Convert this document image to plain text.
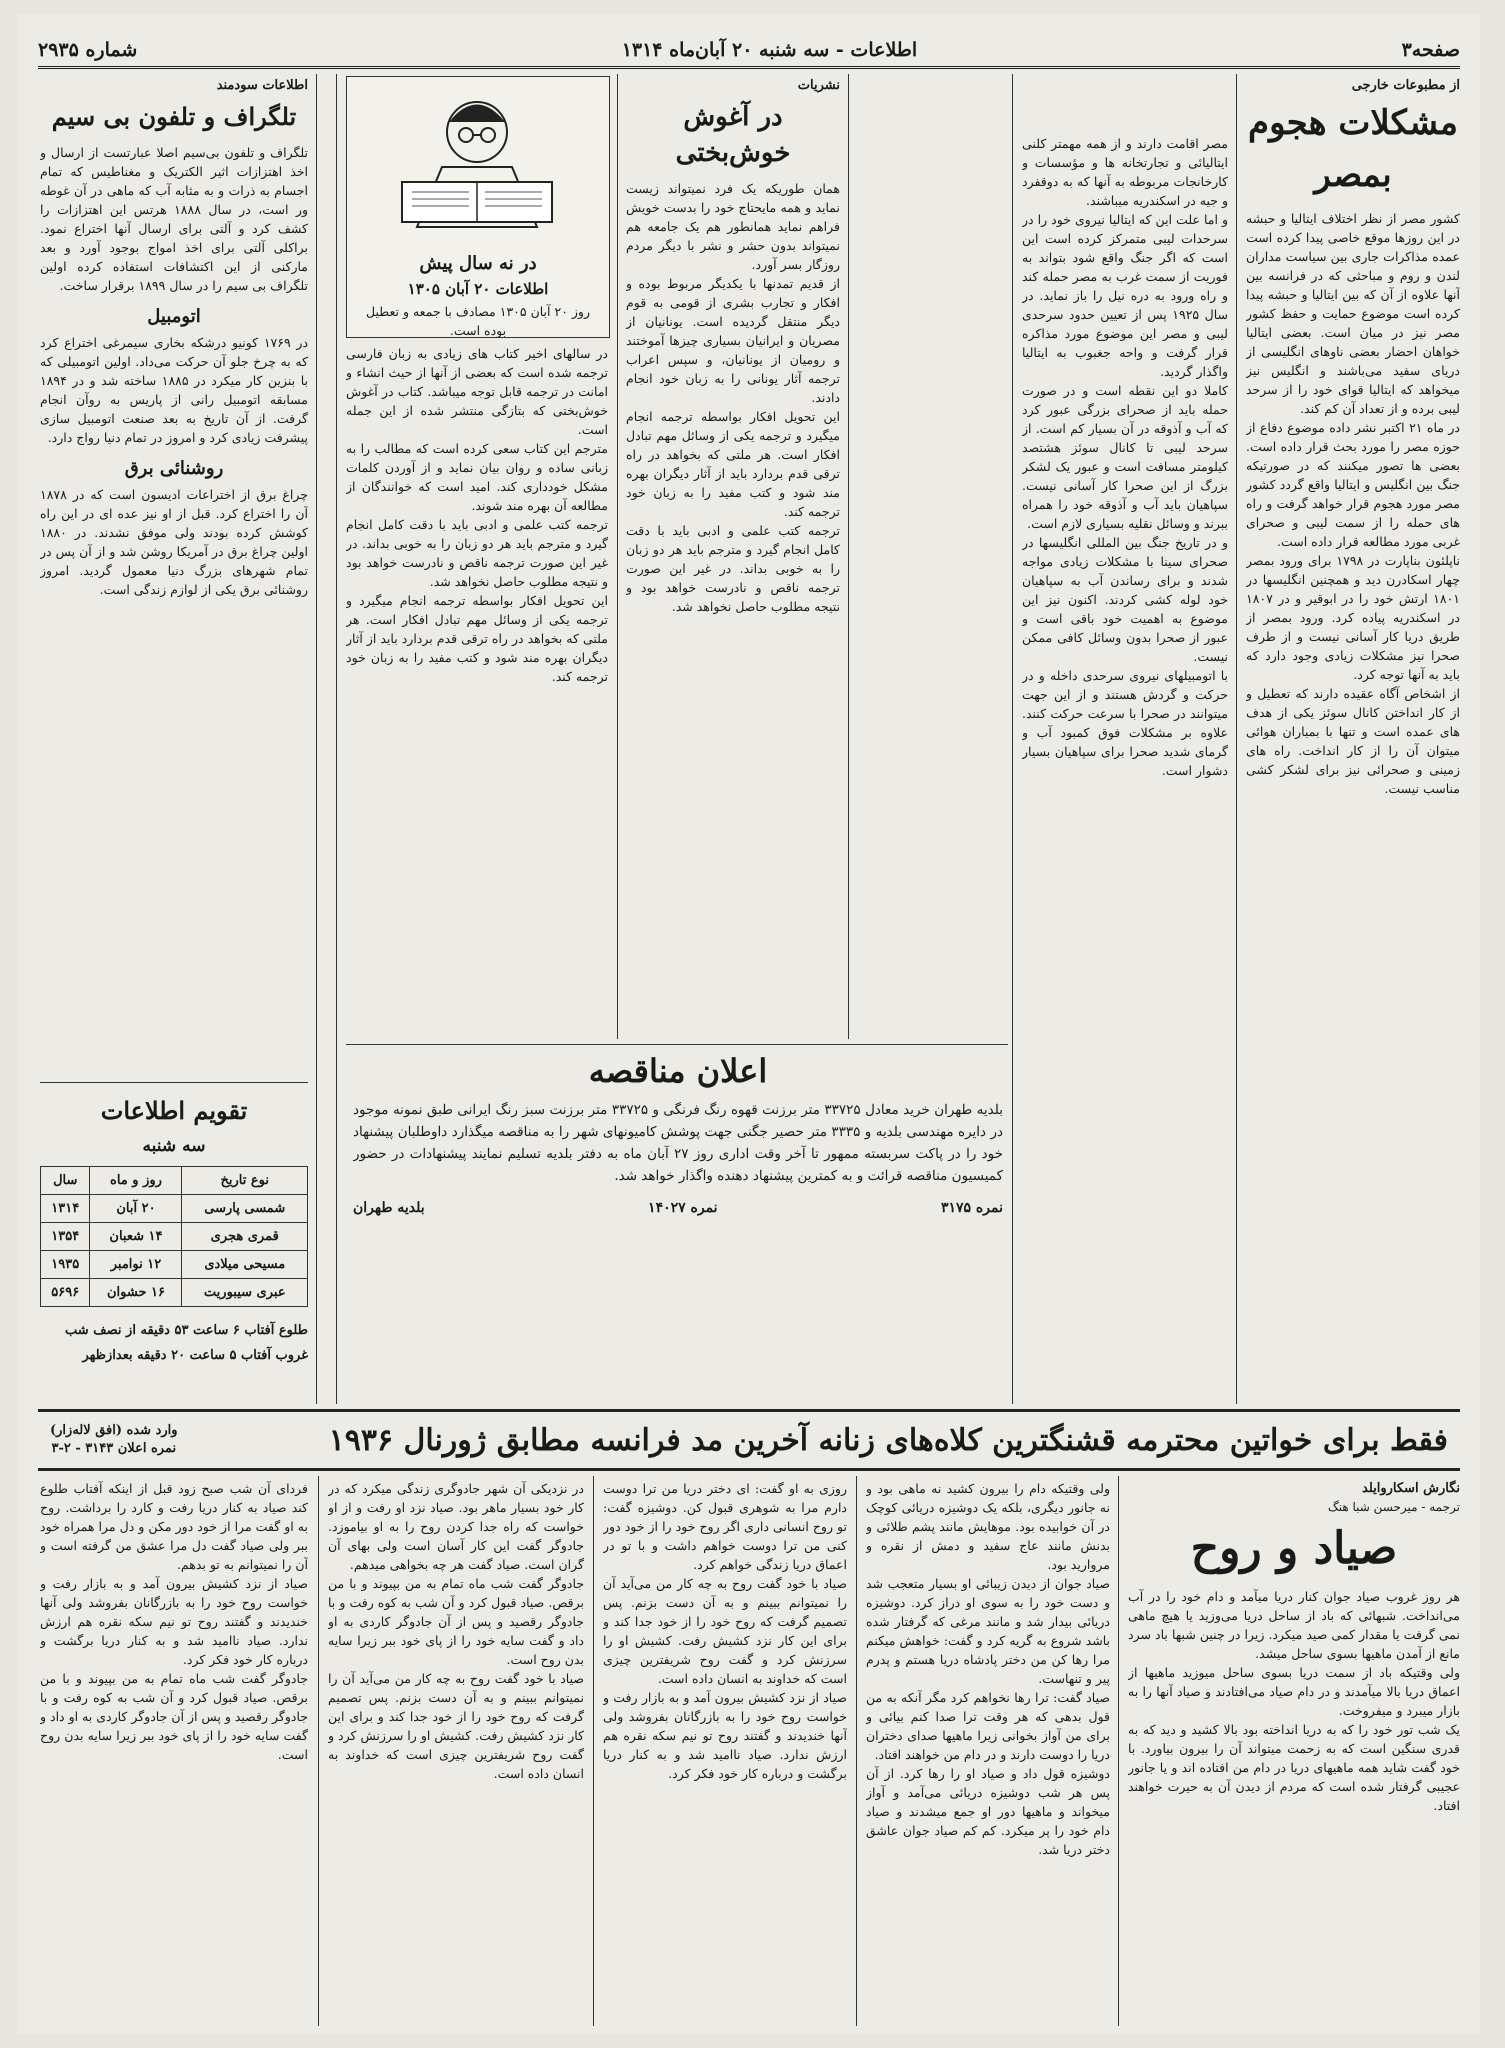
صفحه۳
اطلاعات - سه شنبه ۲۰ آبان‌ماه ۱۳۱۴
شماره ۲۹۳۵
از مطبوعات خارجی
مشکلات هجوم بمصر
کشور مصر از نظر اختلاف ایتالیا و حبشه در این روزها موقع خاصی پیدا کرده است عمده مذاکرات جاری بین سیاست مداران لندن و روم و مباحثی که در فرانسه بین آنها علاوه از آن که بین ایتالیا و حبشه پیدا کرده است موضوع حمایت و حفظ کشور مصر نیز در میان است. بعضی ایتالیا خواهان احضار بعضی ناوهای انگلیسی از دریای سفید می‌باشند و انگلیس نیز میخواهد که ایتالیا قوای خود را از سرحد لیبی برده و از تعداد آن کم کند.
در ماه ۲۱ اکتبر نشر داده موضوع دفاع از حوزه مصر را مورد بحث قرار داده است. بعضی ها تصور میکنند که در صورتیکه جنگ بین انگلیس و ایتالیا واقع گردد کشور مصر مورد هجوم قرار خواهد گرفت و راه های حمله را از سمت لیبی و صحرای غربی مورد مطالعه قرار داده است.
ناپلئون بناپارت در ۱۷۹۸ برای ورود بمصر چهار اسکادرن دید و همچنین انگلیسها در ۱۸۰۱ ارتش خود را در ابوقیر و در ۱۸۰۷ در اسکندریه پیاده کرد. ورود بمصر از طریق دریا کار آسانی نیست و از طرف صحرا نیز مشکلات زیادی وجود دارد که باید به آنها توجه کرد.
از اشخاص آگاه عقیده دارند که تعطیل و از کار انداختن کانال سوئز یکی از هدف های عمده است و تنها با بمباران هوائی میتوان آن را از کار انداخت. راه های زمینی و صحرائی نیز برای لشکر کشی مناسب نیست.
مصر اقامت دارند و از همه مهمتر کلنی ایتالیائی و تجارتخانه ها و مؤسسات و کارخانجات مربوطه به آنها که به دوقفرد و جیه در اسکندریه میباشند.
و اما علت این که ایتالیا نیروی خود را در سرحدات لیبی متمرکز کرده است این است که اگر جنگ واقع شود بتواند به فوریت از سمت غرب به مصر حمله کند و راه ورود به دره نیل را باز نماید. در سال ۱۹۲۵ پس از تعیین حدود سرحدی لیبی و مصر این موضوع مورد مذاکره قرار گرفت و واحه جغبوب به ایتالیا واگذار گردید.
کاملا دو این نقطه است و در صورت حمله باید از صحرای بزرگی عبور کرد که آب و آذوقه در آن بسیار کم است. از سرحد لیبی تا کانال سوئز هشتصد کیلومتر مسافت است و عبور یک لشکر بزرگ از این صحرا کار آسانی نیست. سپاهیان باید آب و آذوقه خود را همراه ببرند و وسائل نقلیه بسیاری لازم است.
و در تاریخ جنگ بین المللی انگلیسها در صحرای سینا با مشکلات زیادی مواجه شدند و برای رساندن آب به سپاهیان خود لوله کشی کردند. اکنون نیز این موضوع به اهمیت خود باقی است و عبور از صحرا بدون وسائل کافی ممکن نیست.
با اتومبیلهای نیروی سرحدی داخله و در حرکت و گردش هستند و از این جهت میتوانند در صحرا با سرعت حرکت کنند. علاوه بر مشکلات فوق کمبود آب و گرمای شدید صحرا برای سپاهیان بسیار دشوار است.
نشریات
در آغوش خوش‌بختی
همان طوریکه یک فرد نمیتواند زیست نماید و همه مایحتاج خود را بدست خویش فراهم نماید همانطور هم یک جامعه هم نمیتواند بدون حشر و نشر با دیگر مردم روزگار بسر آورد.
از قدیم تمدنها با یکدیگر مربوط بوده و افکار و تجارب بشری از قومی به قوم دیگر منتقل گردیده است. یونانیان از مصریان و ایرانیان بسیاری چیزها آموختند و رومیان از یونانیان، و سپس اعراب ترجمه آثار یونانی را به زبان خود انجام دادند.
این تحویل افکار بواسطه ترجمه انجام میگیرد و ترجمه یکی از وسائل مهم تبادل افکار است. هر ملتی که بخواهد در راه ترقی قدم بردارد باید از آثار دیگران بهره مند شود و کتب مفید را به زبان خود ترجمه کند.
ترجمه کتب علمی و ادبی باید با دقت کامل انجام گیرد و مترجم باید هر دو زبان را به خوبی بداند. در غیر این صورت ترجمه ناقص و نادرست خواهد بود و نتیجه مطلوب حاصل نخواهد شد.
در نه سال پیش
اطلاعات ۲۰ آبان ۱۳۰۵
روز ۲۰ آبان ۱۳۰۵ مصادف با جمعه و تعطیل بوده است.
در سالهای اخیر کتاب های زیادی به زبان فارسی ترجمه شده است که بعضی از آنها از حیث انشاء و امانت در ترجمه قابل توجه میباشد. کتاب در آغوش خوش‌بختی که بتازگی منتشر شده از این جمله است.
مترجم این کتاب سعی کرده است که مطالب را به زبانی ساده و روان بیان نماید و از آوردن کلمات مشکل خودداری کند. امید است که خوانندگان از مطالعه آن بهره مند شوند.
ترجمه کتب علمی و ادبی باید با دقت کامل انجام گیرد و مترجم باید هر دو زبان را به خوبی بداند. در غیر این صورت ترجمه ناقص و نادرست خواهد بود و نتیجه مطلوب حاصل نخواهد شد.
این تحویل افکار بواسطه ترجمه انجام میگیرد و ترجمه یکی از وسائل مهم تبادل افکار است. هر ملتی که بخواهد در راه ترقی قدم بردارد باید از آثار دیگران بهره مند شود و کتب مفید را به زبان خود ترجمه کند.
اطلاعات سودمند
تلگراف و تلفون بی سیم
تلگراف و تلفون بی‌سیم اصلا عبارتست از ارسال و اخذ اهتزازات اثیر الکتریک و مغناطیس که تمام اجسام به ذرات و به مثابه آب که ماهی در آن غوطه ور است، در سال ۱۸۸۸ هرتس این اهتزازات را کشف کرد و آلتی برای ارسال آنها اختراع نمود. براکلی آلتی برای اخذ امواج بوجود آورد و بعد مارکنی از این اکتشافات استفاده کرده اولین تلگراف بی سیم را در سال ۱۸۹۹ برقرار ساخت.
اتومبیل
در ۱۷۶۹ کونیو درشکه بخاری سیمرغی اختراع کرد که به چرخ جلو آن حرکت می‌داد. اولین اتومبیلی که با بنزین کار میکرد در ۱۸۸۵ ساخته شد و در ۱۸۹۴ مسابقه اتومبیل رانی از پاریس به روآن انجام گرفت. از آن تاریخ به بعد صنعت اتومبیل سازی پیشرفت زیادی کرد و امروز در تمام دنیا رواج دارد.
روشنائی برق
چراغ برق از اختراعات ادیسون است که در ۱۸۷۸ آن را اختراع کرد. قبل از او نیز عده ای در این راه کوشش کرده بودند ولی موفق نشدند. در ۱۸۸۰ اولین چراغ برق در آمریکا روشن شد و از آن پس در تمام شهرهای بزرگ دنیا معمول گردید. امروز روشنائی برق یکی از لوازم زندگی است.
تقویم اطلاعات
سه شنبه
نوع تاریخ	روز و ماه	سال
شمسی پارسی	۲۰ آبان	۱۳۱۴
قمری هجری	۱۴ شعبان	۱۳۵۴
مسیحی میلادی	۱۲ نوامبر	۱۹۳۵
عبری سیبوریت	۱۶ حشوان	۵۶۹۶
طلوع آفتاب ۶ ساعت ۵۳ دقیقه از نصف شب
غروب آفتاب ۵ ساعت ۲۰ دقیقه بعدازظهر
اعلان مناقصه
بلدیه طهران خرید معادل ۳۳۷۲۵ متر برزنت قهوه رنگ فرنگی و ۳۳۷۲۵ متر برزنت سبز رنگ ایرانی طبق نمونه موجود در دایره مهندسی بلدیه و ۳۳۳۵ متر حصیر جگنی جهت پوشش کامیونهای شهر را به مناقصه میگذارد داوطلبان پیشنهاد خود را در پاکت سربسته ممهور تا آخر وقت اداری روز ۲۷ آبان ماه به دفتر بلدیه تسلیم نمایند پیشنهادات در حضور کمیسیون مناقصه قرائت و به کمترین پیشنهاد دهنده واگذار خواهد شد.
نمره ۳۱۷۵
نمره ۱۴۰۲۷
بلدیه طهران
فقط برای خواتین محترمه قشنگترین کلاه‌های زنانه آخرین مد فرانسه مطابق ژورنال ۱۹۳۶
وارد شده (افق لاله‌زار)
نمره اعلان ۳۱۴۳ - ۲-۳
نگارش اسکاروایلد
ترجمه - میرحسن شبا هنگ
صیاد و روح
هر روز غروب صیاد جوان کنار دریا میآمد و دام خود را در آب می‌انداخت. شبهائی که باد از ساحل دریا می‌وزید یا هیچ ماهی نمی گرفت یا مقدار کمی صید میکرد. زیرا در چنین شبها باد سرد مانع از آمدن ماهیها بسوی ساحل میشد.
ولی وقتیکه باد از سمت دریا بسوی ساحل میوزید ماهیها از اعماق دریا بالا میآمدند و در دام صیاد می‌افتادند و صیاد آنها را به بازار میبرد و میفروخت.
یک شب تور خود را که به دریا انداخته بود بالا کشید و دید که به قدری سنگین است که به زحمت میتواند آن را بیرون بیاورد. با خود گفت شاید همه ماهیهای دریا در دام من افتاده اند و یا جانور عجیبی گرفتار شده است که مردم از دیدن آن به حیرت خواهند افتاد.
ولی وقتیکه دام را بیرون کشید نه ماهی بود و نه جانور دیگری، بلکه یک دوشیزه دریائی کوچک در آن خوابیده بود. موهایش مانند پشم طلائی و بدنش مانند عاج سفید و دمش از نقره و مروارید بود.
صیاد جوان از دیدن زیبائی او بسیار متعجب شد و دست خود را به سوی او دراز کرد. دوشیزه دریائی بیدار شد و مانند مرغی که گرفتار شده باشد شروع به گریه کرد و گفت: خواهش میکنم مرا رها کن من دختر پادشاه دریا هستم و پدرم پیر و تنهاست.
صیاد گفت: ترا رها نخواهم کرد مگر آنکه به من قول بدهی که هر وقت ترا صدا کنم بیائی و برای من آواز بخوانی زیرا ماهیها صدای دختران دریا را دوست دارند و در دام من خواهند افتاد.
دوشیزه قول داد و صیاد او را رها کرد. از آن پس هر شب دوشیزه دریائی می‌آمد و آواز میخواند و ماهیها دور او جمع میشدند و صیاد دام خود را پر میکرد. کم کم صیاد جوان عاشق دختر دریا شد.
روزی به او گفت: ای دختر دریا من ترا دوست دارم مرا به شوهری قبول کن. دوشیزه گفت: تو روح انسانی داری اگر روح خود را از خود دور کنی من ترا دوست خواهم داشت و با تو در اعماق دریا زندگی خواهم کرد.
صیاد با خود گفت روح به چه کار من می‌آید آن را نمیتوانم ببینم و به آن دست بزنم. پس تصمیم گرفت که روح خود را از خود جدا کند و برای این کار نزد کشیش رفت. کشیش او را سرزنش کرد و گفت روح شریفترین چیزی است که خداوند به انسان داده است.
صیاد از نزد کشیش بیرون آمد و به بازار رفت و خواست روح خود را به بازرگانان بفروشد ولی آنها خندیدند و گفتند روح تو نیم سکه نقره هم ارزش ندارد. صیاد ناامید شد و به کنار دریا برگشت و درباره کار خود فکر کرد.
در نزدیکی آن شهر جادوگری زندگی میکرد که در کار خود بسیار ماهر بود. صیاد نزد او رفت و از او خواست که راه جدا کردن روح را به او بیاموزد. جادوگر گفت این کار آسان است ولی بهای آن گران است. صیاد گفت هر چه بخواهی میدهم.
جادوگر گفت شب ماه تمام به من بپیوند و با من برقص. صیاد قبول کرد و آن شب به کوه رفت و با جادوگر رقصید و پس از آن جادوگر کاردی به او داد و گفت سایه خود را از پای خود ببر زیرا سایه بدن روح است.
صیاد با خود گفت روح به چه کار من می‌آید آن را نمیتوانم ببینم و به آن دست بزنم. پس تصمیم گرفت که روح خود را از خود جدا کند و برای این کار نزد کشیش رفت. کشیش او را سرزنش کرد و گفت روح شریفترین چیزی است که خداوند به انسان داده است.
فردای آن شب صبح زود قبل از اینکه آفتاب طلوع کند صیاد به کنار دریا رفت و کارد را برداشت. روح به او گفت مرا از خود دور مکن و دل مرا همراه خود ببر ولی صیاد گفت دل مرا عشق من گرفته است و آن را نمیتوانم به تو بدهم.
صیاد از نزد کشیش بیرون آمد و به بازار رفت و خواست روح خود را به بازرگانان بفروشد ولی آنها خندیدند و گفتند روح تو نیم سکه نقره هم ارزش ندارد. صیاد ناامید شد و به کنار دریا برگشت و درباره کار خود فکر کرد.
جادوگر گفت شب ماه تمام به من بپیوند و با من برقص. صیاد قبول کرد و آن شب به کوه رفت و با جادوگر رقصید و پس از آن جادوگر کاردی به او داد و گفت سایه خود را از پای خود ببر زیرا سایه بدن روح است.
